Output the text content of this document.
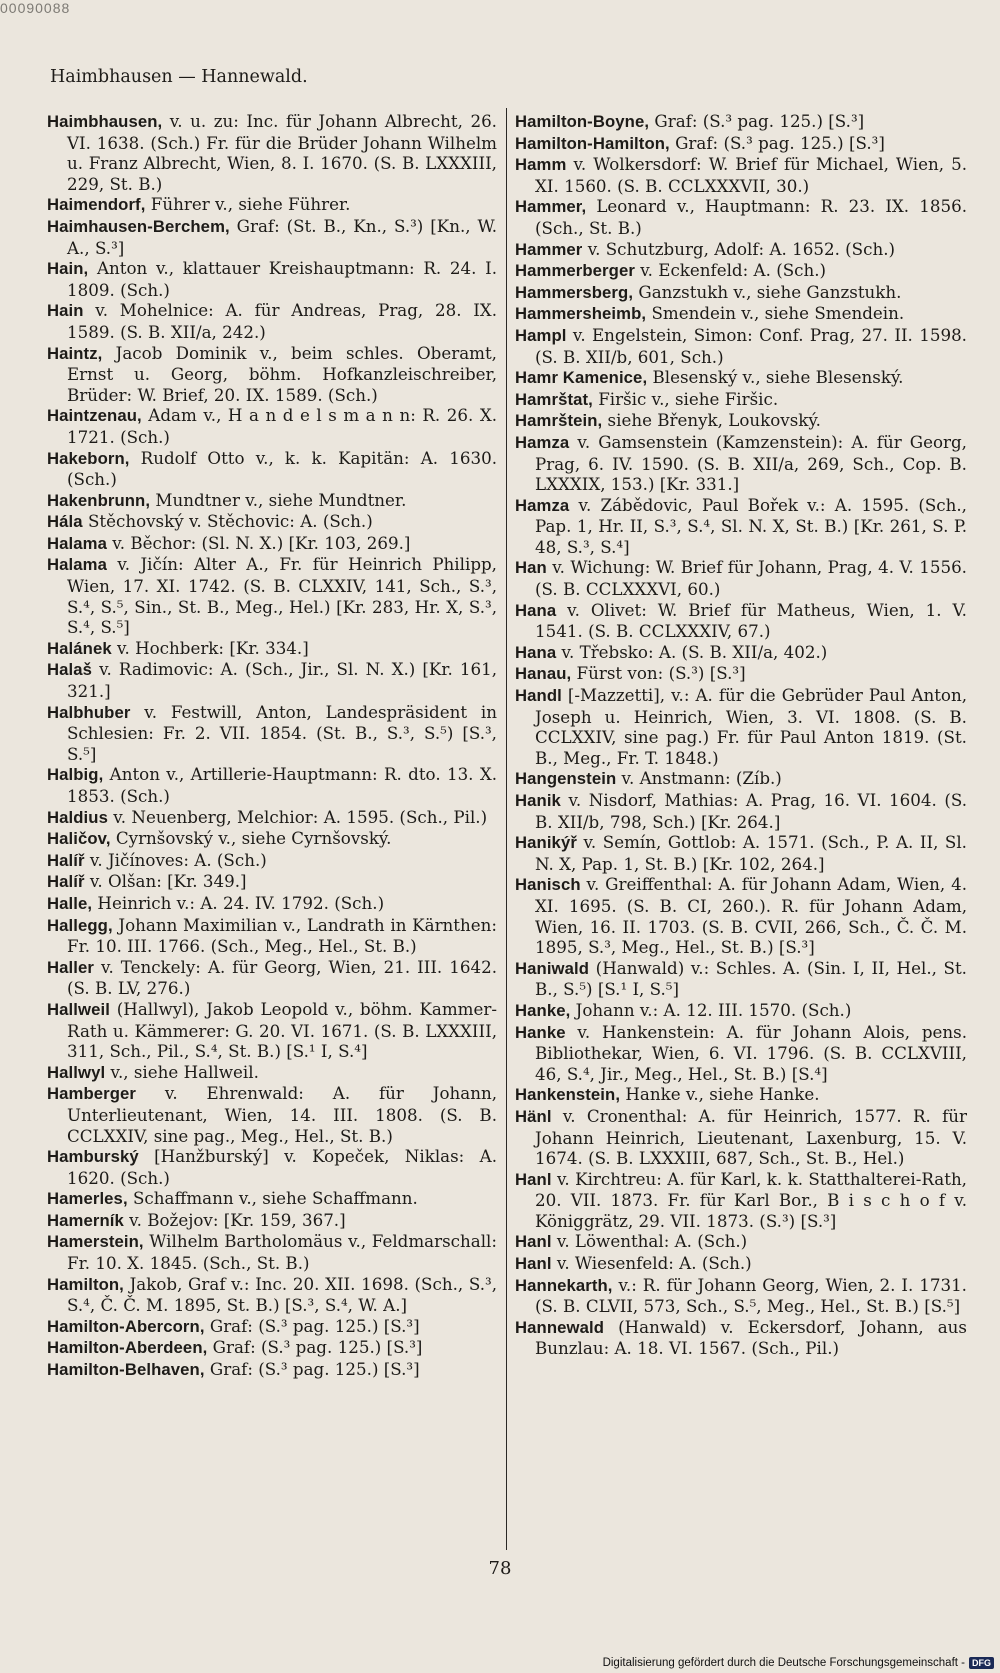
00090088
Haimbhausen — Hannewald.

Haimbhausen, v. u. zu: Inc. für Johann Albrecht, 26. VI. 1638. (Sch.) Fr. für die Brüder Johann Wilhelm u. Franz Albrecht, Wien, 8. I. 1670. (S. B. LXXXIII, 229, St. B.)

Haimendorf, Führer v., siehe Führer.

Haimhausen-Berchem, Graf: (St. B., Kn., S.³) [Kn., W. A., S.³]

Hain, Anton v., klattauer Kreishauptmann: R. 24. I. 1809. (Sch.)

Hain v. Mohelnice: A. für Andreas, Prag, 28. IX. 1589. (S. B. XII/a, 242.)

Haintz, Jacob Dominik v., beim schles. Oberamt, Ernst u. Georg, böhm. Hofkanzleischreiber, Brüder: W. Brief, 20. IX. 1589. (Sch.)

Haintzenau, Adam v., H a n d e l s m a n n: R. 26. X. 1721. (Sch.)

Hakeborn, Rudolf Otto v., k. k. Kapitän: A. 1630. (Sch.)

Hakenbrunn, Mundtner v., siehe Mundtner.

Hála Stěchovský v. Stěchovic: A. (Sch.)

Halama v. Běchor: (Sl. N. X.) [Kr. 103, 269.]

Halama v. Jičín: Alter A., Fr. für Heinrich Philipp, Wien, 17. XI. 1742. (S. B. CLXXIV, 141, Sch., S.³, S.⁴, S.⁵, Sin., St. B., Meg., Hel.) [Kr. 283, Hr. X, S.³, S.⁴, S.⁵]

Halánek v. Hochberk: [Kr. 334.]

Halaš v. Radimovic: A. (Sch., Jir., Sl. N. X.) [Kr. 161, 321.]

Halbhuber v. Festwill, Anton, Landespräsident in Schlesien: Fr. 2. VII. 1854. (St. B., S.³, S.⁵) [S.³, S.⁵]

Halbig, Anton v., Artillerie-Hauptmann: R. dto. 13. X. 1853. (Sch.)

Haldius v. Neuenberg, Melchior: A. 1595. (Sch., Pil.)

Haličov, Cyrnšovský v., siehe Cyrnšovský.

Halíř v. Jičínoves: A. (Sch.)

Halíř v. Olšan: [Kr. 349.]

Halle, Heinrich v.: A. 24. IV. 1792. (Sch.)

Hallegg, Johann Maximilian v., Landrath in Kärnthen: Fr. 10. III. 1766. (Sch., Meg., Hel., St. B.)

Haller v. Tenckely: A. für Georg, Wien, 21. III. 1642. (S. B. LV, 276.)

Hallweil (Hallwyl), Jakob Leopold v., böhm. Kammer-Rath u. Kämmerer: G. 20. VI. 1671. (S. B. LXXXIII, 311, Sch., Pil., S.⁴, St. B.) [S.¹ I, S.⁴]

Hallwyl v., siehe Hallweil.

Hamberger v. Ehrenwald: A. für Johann, Unterlieutenant, Wien, 14. III. 1808. (S. B. CCLXXIV, sine pag., Meg., Hel., St. B.)

Hamburský [Hanžburský] v. Kopeček, Niklas: A. 1620. (Sch.)

Hamerles, Schaffmann v., siehe Schaffmann.

Hamerník v. Božejov: [Kr. 159, 367.]

Hamerstein, Wilhelm Bartholomäus v., Feldmarschall: Fr. 10. X. 1845. (Sch., St. B.)

Hamilton, Jakob, Graf v.: Inc. 20. XII. 1698. (Sch., S.³, S.⁴, Č. Č. M. 1895, St. B.) [S.³, S.⁴, W. A.]

Hamilton-Abercorn, Graf: (S.³ pag. 125.) [S.³]

Hamilton-Aberdeen, Graf: (S.³ pag. 125.) [S.³]

Hamilton-Belhaven, Graf: (S.³ pag. 125.) [S.³]

Hamilton-Boyne, Graf: (S.³ pag. 125.) [S.³]

Hamilton-Hamilton, Graf: (S.³ pag. 125.) [S.³]

Hamm v. Wolkersdorf: W. Brief für Michael, Wien, 5. XI. 1560. (S. B. CCLXXXVII, 30.)

Hammer, Leonard v., Hauptmann: R. 23. IX. 1856. (Sch., St. B.)

Hammer v. Schutzburg, Adolf: A. 1652. (Sch.)

Hammerberger v. Eckenfeld: A. (Sch.)

Hammersberg, Ganzstukh v., siehe Ganzstukh.

Hammersheimb, Smendein v., siehe Smendein.

Hampl v. Engelstein, Simon: Conf. Prag, 27. II. 1598. (S. B. XII/b, 601, Sch.)

Hamr Kamenice, Blesenský v., siehe Blesenský.

Hamrštat, Firšic v., siehe Firšic.

Hamrštein, siehe Břenyk, Loukovský.

Hamza v. Gamsenstein (Kamzenstein): A. für Georg, Prag, 6. IV. 1590. (S. B. XII/a, 269, Sch., Cop. B. LXXXIX, 153.) [Kr. 331.]

Hamza v. Zábědovic, Paul Bořek v.: A. 1595. (Sch., Pap. 1, Hr. II, S.³, S.⁴, Sl. N. X, St. B.) [Kr. 261, S. P. 48, S.³, S.⁴]

Han v. Wichung: W. Brief für Johann, Prag, 4. V. 1556. (S. B. CCLXXXVI, 60.)

Hana v. Olivet: W. Brief für Matheus, Wien, 1. V. 1541. (S. B. CCLXXXIV, 67.)

Hana v. Třebsko: A. (S. B. XII/a, 402.)

Hanau, Fürst von: (S.³) [S.³]

Handl [-Mazzetti], v.: A. für die Gebrüder Paul Anton, Joseph u. Heinrich, Wien, 3. VI. 1808. (S. B. CCLXXIV, sine pag.) Fr. für Paul Anton 1819. (St. B., Meg., Fr. T. 1848.)

Hangenstein v. Anstmann: (Zíb.)

Hanik v. Nisdorf, Mathias: A. Prag, 16. VI. 1604. (S. B. XII/b, 798, Sch.) [Kr. 264.]

Hanikýř v. Semín, Gottlob: A. 1571. (Sch., P. A. II, Sl. N. X, Pap. 1, St. B.) [Kr. 102, 264.]

Hanisch v. Greiffenthal: A. für Johann Adam, Wien, 4. XI. 1695. (S. B. CI, 260.). R. für Johann Adam, Wien, 16. II. 1703. (S. B. CVII, 266, Sch., Č. Č. M. 1895, S.³, Meg., Hel., St. B.) [S.³]

Haniwald (Hanwald) v.: Schles. A. (Sin. I, II, Hel., St. B., S.⁵) [S.¹ I, S.⁵]

Hanke, Johann v.: A. 12. III. 1570. (Sch.)

Hanke v. Hankenstein: A. für Johann Alois, pens. Bibliothekar, Wien, 6. VI. 1796. (S. B. CCLXVIII, 46, S.⁴, Jir., Meg., Hel., St. B.) [S.⁴]

Hankenstein, Hanke v., siehe Hanke.

Hänl v. Cronenthal: A. für Heinrich, 1577. R. für Johann Heinrich, Lieutenant, Laxenburg, 15. V. 1674. (S. B. LXXXIII, 687, Sch., St. B., Hel.)

Hanl v. Kirchtreu: A. für Karl, k. k. Statthalterei-Rath, 20. VII. 1873. Fr. für Karl Bor., B i s c h o f v. Königgrätz, 29. VII. 1873. (S.³) [S.³]

Hanl v. Löwenthal: A. (Sch.)

Hanl v. Wiesenfeld: A. (Sch.)

Hannekarth, v.: R. für Johann Georg, Wien, 2. I. 1731. (S. B. CLVII, 573, Sch., S.⁵, Meg., Hel., St. B.) [S.⁵]

Hannewald (Hanwald) v. Eckersdorf, Johann, aus Bunzlau: A. 18. VI. 1567. (Sch., Pil.)

78
Digitalisierung gefördert durch die Deutsche Forschungsgemeinschaft - DFG
